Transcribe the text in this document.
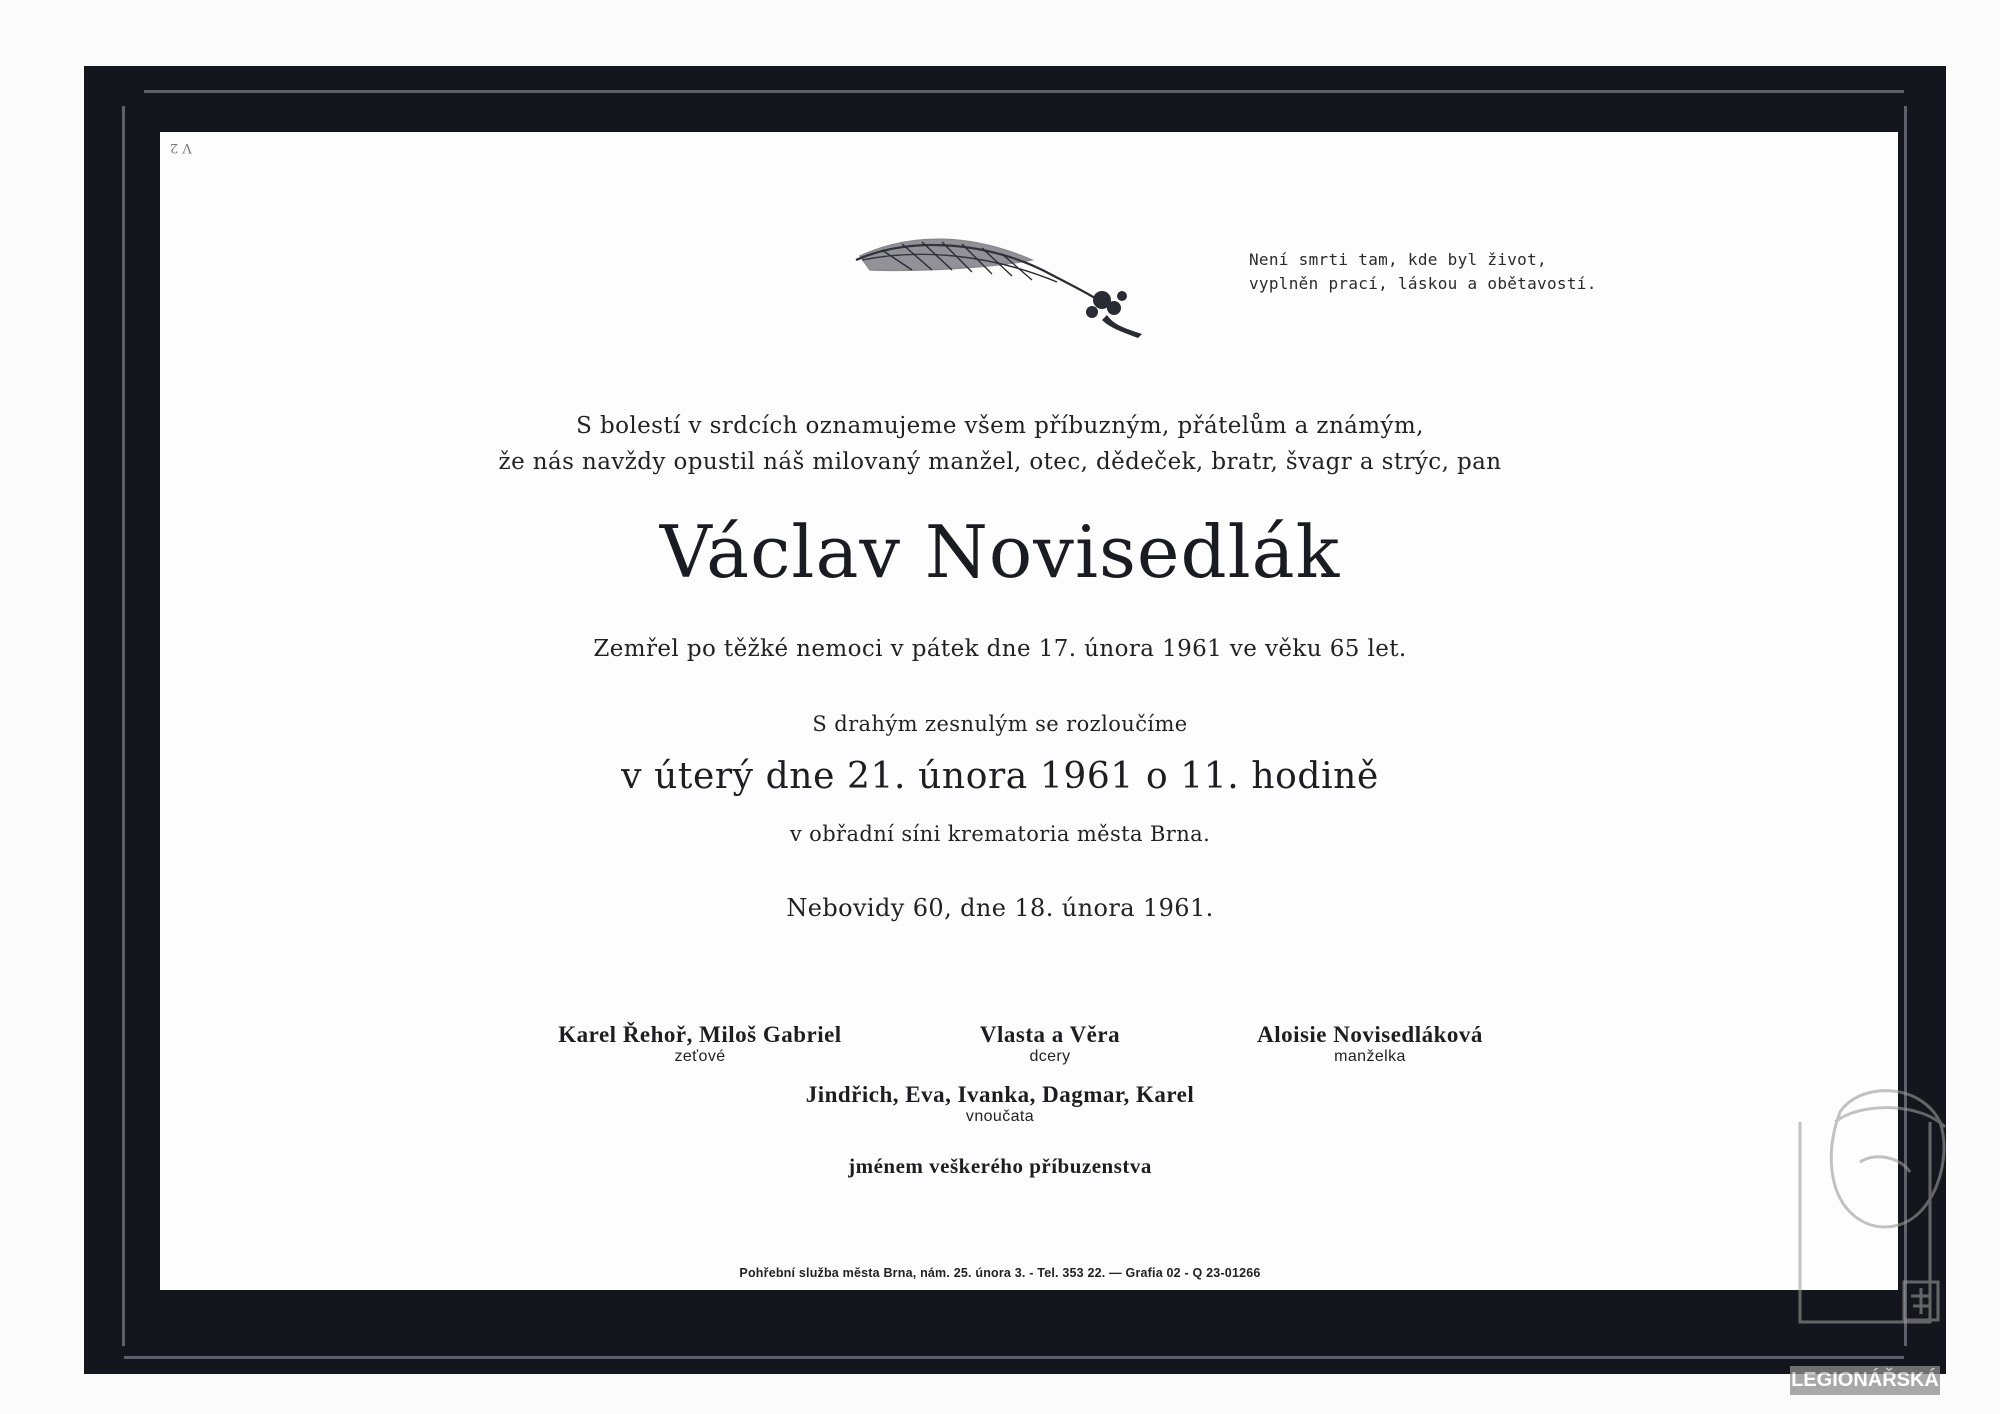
V 2
Není smrti tam, kde byl život,
vyplněn prací, láskou a obětavostí.
S bolestí v srdcích oznamujeme všem příbuzným, přátelům a známým,
že nás navždy opustil náš milovaný manžel, otec, dědeček, bratr, švagr a strýc, pan
Václav Novisedlák
Zemřel po těžké nemoci v pátek dne 17. února 1961 ve věku 65 let.
S drahým zesnulým se rozloučíme
v úterý dne 21. února 1961 o 11. hodině
v obřadní síni krematoria města Brna.
Nebovidy 60, dne 18. února 1961.
Karel Řehoř, Miloš Gabriel
zeťové
Vlasta a Věra
dcery
Aloisie Novisedláková
manželka
Jindřich, Eva, Ivanka, Dagmar, Karel
vnoučata
jménem veškerého příbuzenstva
Pohřební služba města Brna, nám. 25. února 3. - Tel. 353 22. — Grafia 02 - Q 23-01266
LEGIONÁŘSKÁ
